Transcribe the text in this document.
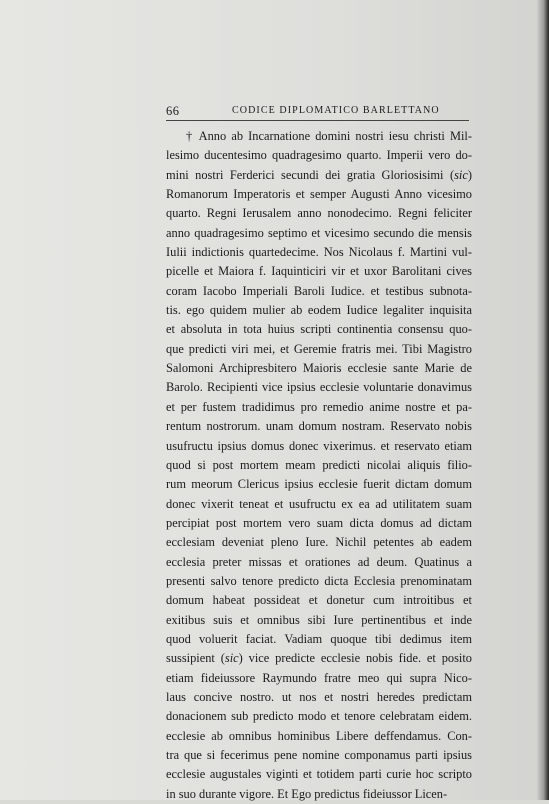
66	CODICE DIPLOMATICO BARLETTANO
† Anno ab Incarnatione domini nostri iesu christi Mil-
lesimo ducentesimo quadragesimo quarto. Imperii vero do-
mini nostri Ferderici secundi dei gratia Gloriosisimi (sic)
Romanorum Imperatoris et semper Augusti Anno vicesimo
quarto. Regni Ierusalem anno nonodecimo. Regni feliciter
anno quadragesimo septimo et vicesimo secundo die mensis
Iulii indictionis quartedecime. Nos Nicolaus f. Martini vul-
picelle et Maiora f. Iaquinticiri vir et uxor Barolitani cives
coram Iacobo Imperiali Baroli Iudice. et testibus subnota-
tis. ego quidem mulier ab eodem Iudice legaliter inquisita
et absoluta in tota huius scripti continentia consensu quo-
que predicti viri mei, et Geremie fratris mei. Tibi Magistro
Salomoni Archipresbitero Maioris ecclesie sante Marie de
Barolo. Recipienti vice ipsius ecclesie voluntarie donavimus
et per fustem tradidimus pro remedio anime nostre et pa-
rentum nostrorum. unam domum nostram. Reservato nobis
usufructu ipsius domus donec vixerimus. et reservato etiam
quod si post mortem meam predicti nicolai aliquis filio-
rum meorum Clericus ipsius ecclesie fuerit dictam domum
donec vixerit teneat et usufructu ex ea ad utilitatem suam
percipiat post mortem vero suam dicta domus ad dictam
ecclesiam deveniat pleno Iure. Nichil petentes ab eadem
ecclesia preter missas et orationes ad deum. Quatinus a
presenti salvo tenore predicto dicta Ecclesia prenominatam
domum habeat possideat et donetur cum introitibus et
exitibus suis et omnibus sibi Iure pertinentibus et inde
quod voluerit faciat. Vadiam quoque tibi dedimus item
sussipient (sic) vice predicte ecclesie nobis fide. et posito
etiam fideiussore Raymundo fratre meo qui supra Nico-
laus concive nostro. ut nos et nostri heredes predictam
donacionem sub predicto modo et tenore celebratam eidem.
ecclesie ab omnibus hominibus Libere deffendamus. Con-
tra que si fecerimus pene nomine componamus parti ipsius
ecclesie augustales viginti et totidem parti curie hoc scripto
in suo durante vigore. Et Ego predictus fideiussor Licen-
